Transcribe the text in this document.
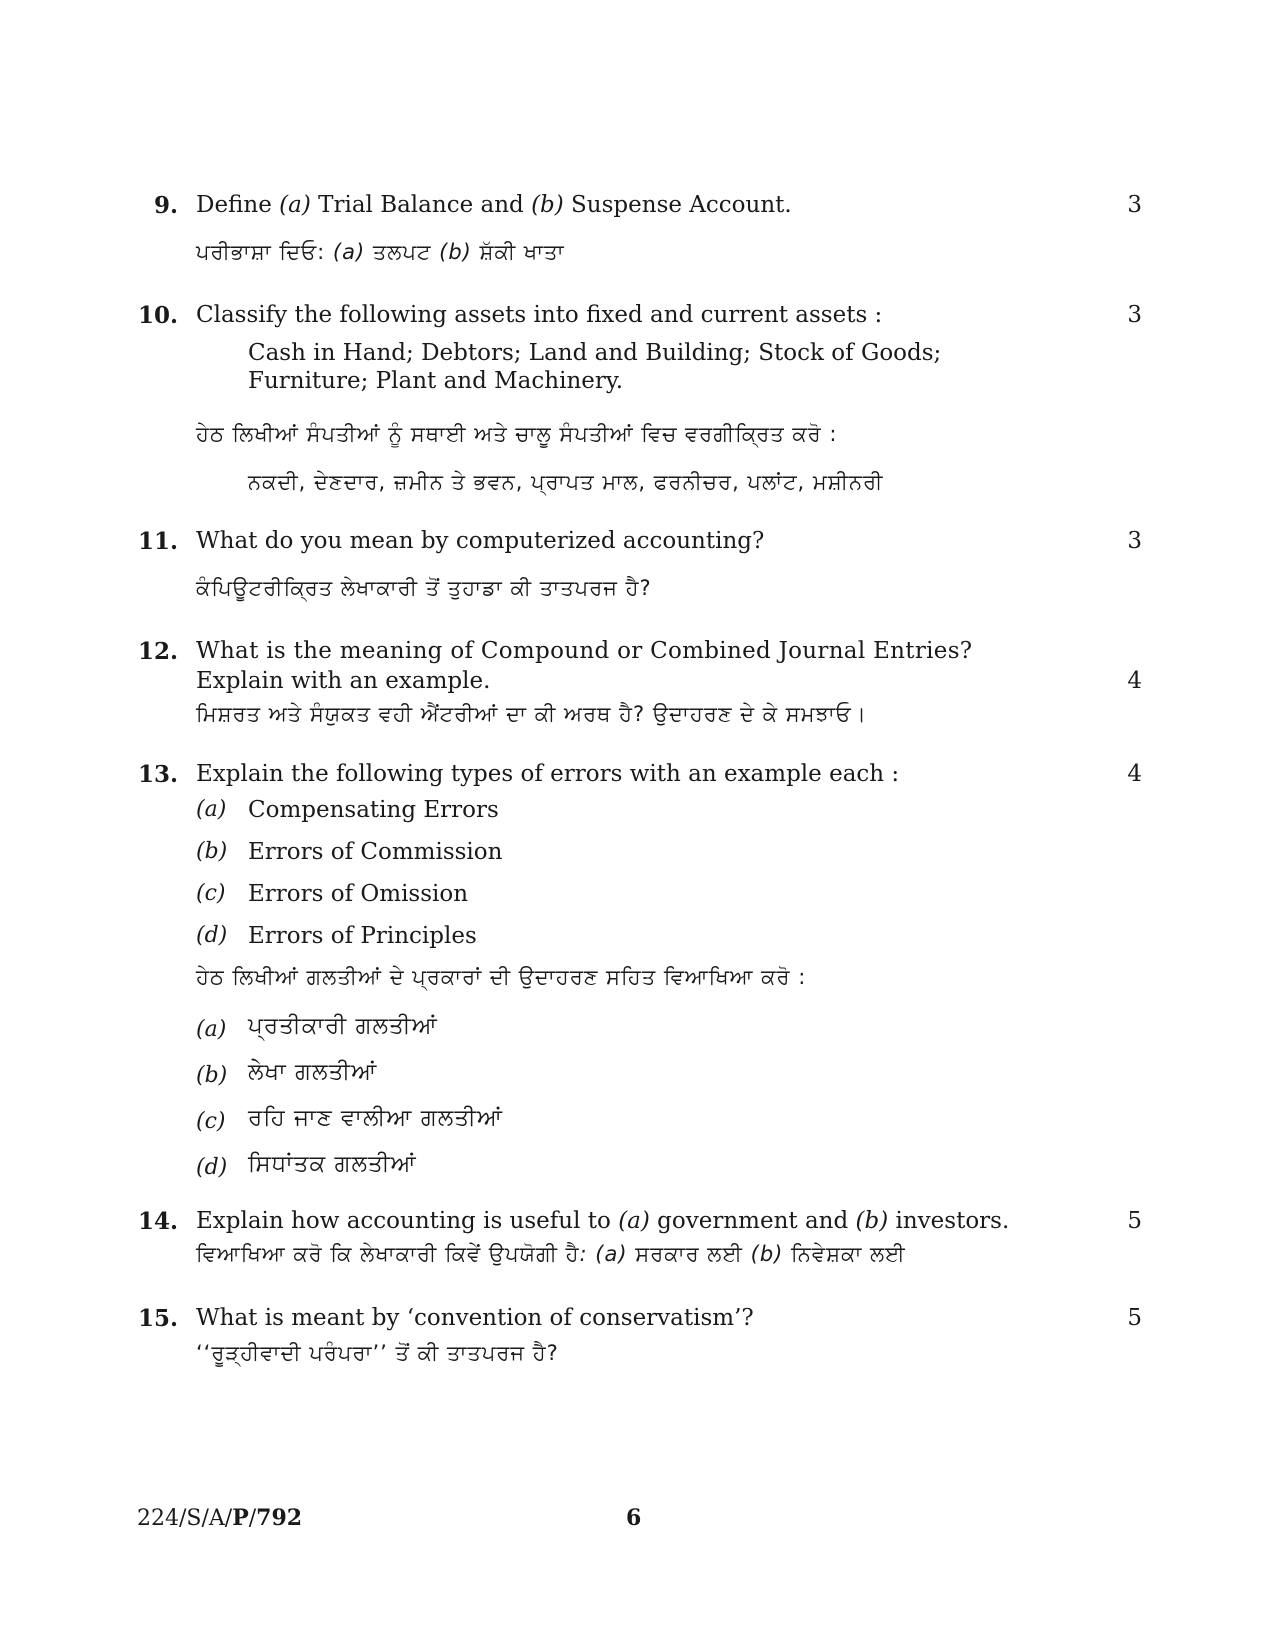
9. Define (a) Trial Balance and (b) Suspense Account.	3
ਪਰੀਭਾਸ਼ਾ ਦਿਓ: (a) ਤਲਪਟ (b) ਸ਼ੱਕੀ ਖਾਤਾ
10. Classify the following assets into fixed and current assets :	3
Cash in Hand; Debtors; Land and Building; Stock of Goods;
Furniture; Plant and Machinery.
ਹੇਠ ਲਿਖੀਆਂ ਸੰਪਤੀਆਂ ਨੂੰ ਸਥਾਈ ਅਤੇ ਚਾਲੂ ਸੰਪਤੀਆਂ ਵਿਚ ਵਰਗੀਕ੍ਰਿਤ ਕਰੋ :
ਨਕਦੀ, ਦੇਣਦਾਰ, ਜ਼ਮੀਨ ਤੇ ਭਵਨ, ਪ੍ਰਾਪਤ ਮਾਲ, ਫਰਨੀਚਰ, ਪਲਾਂਟ, ਮਸ਼ੀਨਰੀ
11. What do you mean by computerized accounting?	3
ਕੰਪਿਊਟਰੀਕ੍ਰਿਤ ਲੇਖਾਕਾਰੀ ਤੋਂ ਤੁਹਾਡਾ ਕੀ ਤਾਤਪਰਜ ਹੈ?
12. What is the meaning of Compound or Combined Journal Entries?
Explain with an example.	4
ਮਿਸ਼ਰਤ ਅਤੇ ਸੰਯੁਕਤ ਵਹੀ ਐਂਟਰੀਆਂ ਦਾ ਕੀ ਅਰਥ ਹੈ? ਉਦਾਹਰਣ ਦੇ ਕੇ ਸਮਝਾਓ।
13. Explain the following types of errors with an example each :	4
(a) Compensating Errors
(b) Errors of Commission
(c) Errors of Omission
(d) Errors of Principles
ਹੇਠ ਲਿਖੀਆਂ ਗਲਤੀਆਂ ਦੇ ਪ੍ਰਕਾਰਾਂ ਦੀ ਉਦਾਹਰਣ ਸਹਿਤ ਵਿਆਖਿਆ ਕਰੋ :
(a) ਪ੍ਰਤੀਕਾਰੀ ਗਲਤੀਆਂ
(b) ਲੇਖਾ ਗਲਤੀਆਂ
(c) ਰਹਿ ਜਾਣ ਵਾਲੀਆ ਗਲਤੀਆਂ
(d) ਸਿਧਾਂਤਕ ਗਲਤੀਆਂ
14. Explain how accounting is useful to (a) government and (b) investors.	5
ਵਿਆਖਿਆ ਕਰੋ ਕਿ ਲੇਖਾਕਾਰੀ ਕਿਵੇਂ ਉਪਯੋਗੀ ਹੈ: (a) ਸਰਕਾਰ ਲਈ (b) ਨਿਵੇਸ਼ਕਾ ਲਈ
15. What is meant by ‘convention of conservatism’?	5
‘‘ਰੂੜ੍ਹੀਵਾਦੀ ਪਰੰਪਰਾ’’ ਤੋਂ ਕੀ ਤਾਤਪਰਜ ਹੈ?
224/S/A/P/792	6
